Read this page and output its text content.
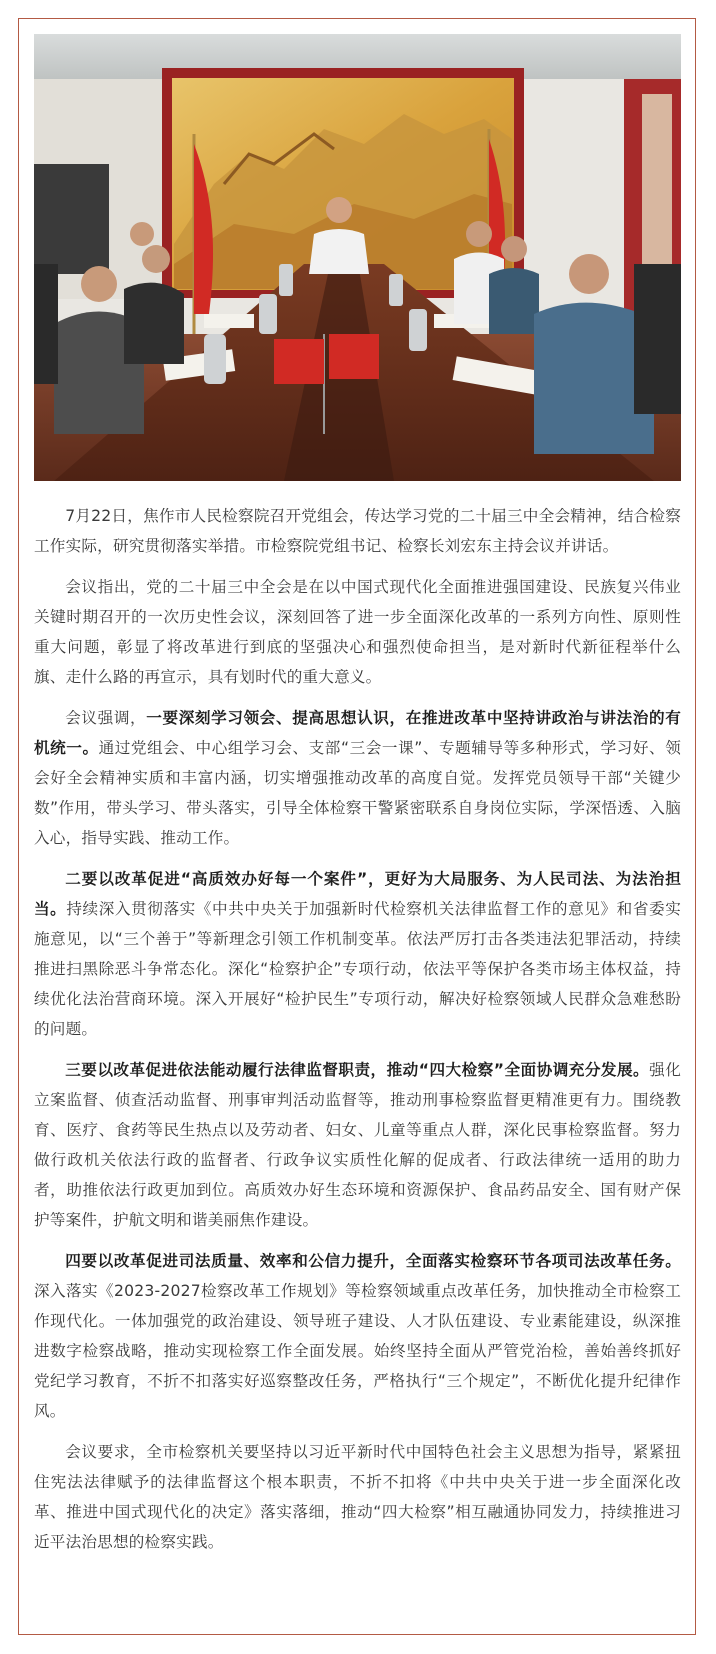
7月22日，焦作市人民检察院召开党组会，传达学习党的二十届三中全会精神，结合检察工作实际，研究贯彻落实举措。市检察院党组书记、检察长刘宏东主持会议并讲话。

会议指出，党的二十届三中全会是在以中国式现代化全面推进强国建设、民族复兴伟业关键时期召开的一次历史性会议，深刻回答了进一步全面深化改革的一系列方向性、原则性重大问题，彰显了将改革进行到底的坚强决心和强烈使命担当，是对新时代新征程举什么旗、走什么路的再宣示，具有划时代的重大意义。

会议强调，一要深刻学习领会、提高思想认识，在推进改革中坚持讲政治与讲法治的有机统一。通过党组会、中心组学习会、支部“三会一课”、专题辅导等多种形式，学习好、领会好全会精神实质和丰富内涵，切实增强推动改革的高度自觉。发挥党员领导干部“关键少数”作用，带头学习、带头落实，引导全体检察干警紧密联系自身岗位实际，学深悟透、入脑入心，指导实践、推动工作。

二要以改革促进“高质效办好每一个案件”，更好为大局服务、为人民司法、为法治担当。持续深入贯彻落实《中共中央关于加强新时代检察机关法律监督工作的意见》和省委实施意见，以“三个善于”等新理念引领工作机制变革。依法严厉打击各类违法犯罪活动，持续推进扫黑除恶斗争常态化。深化“检察护企”专项行动，依法平等保护各类市场主体权益，持续优化法治营商环境。深入开展好“检护民生”专项行动，解决好检察领域人民群众急难愁盼的问题。

三要以改革促进依法能动履行法律监督职责，推动“四大检察”全面协调充分发展。强化立案监督、侦查活动监督、刑事审判活动监督等，推动刑事检察监督更精准更有力。围绕教育、医疗、食药等民生热点以及劳动者、妇女、儿童等重点人群，深化民事检察监督。努力做行政机关依法行政的监督者、行政争议实质性化解的促成者、行政法律统一适用的助力者，助推依法行政更加到位。高质效办好生态环境和资源保护、食品药品安全、国有财产保护等案件，护航文明和谐美丽焦作建设。

四要以改革促进司法质量、效率和公信力提升，全面落实检察环节各项司法改革任务。深入落实《2023-2027检察改革工作规划》等检察领域重点改革任务，加快推动全市检察工作现代化。一体加强党的政治建设、领导班子建设、人才队伍建设、专业素能建设，纵深推进数字检察战略，推动实现检察工作全面发展。始终坚持全面从严管党治检，善始善终抓好党纪学习教育，不折不扣落实好巡察整改任务，严格执行“三个规定”，不断优化提升纪律作风。

会议要求，全市检察机关要坚持以习近平新时代中国特色社会主义思想为指导，紧紧扭住宪法法律赋予的法律监督这个根本职责，不折不扣将《中共中央关于进一步全面深化改革、推进中国式现代化的决定》落实落细，推动“四大检察”相互融通协同发力，持续推进习近平法治思想的检察实践。
